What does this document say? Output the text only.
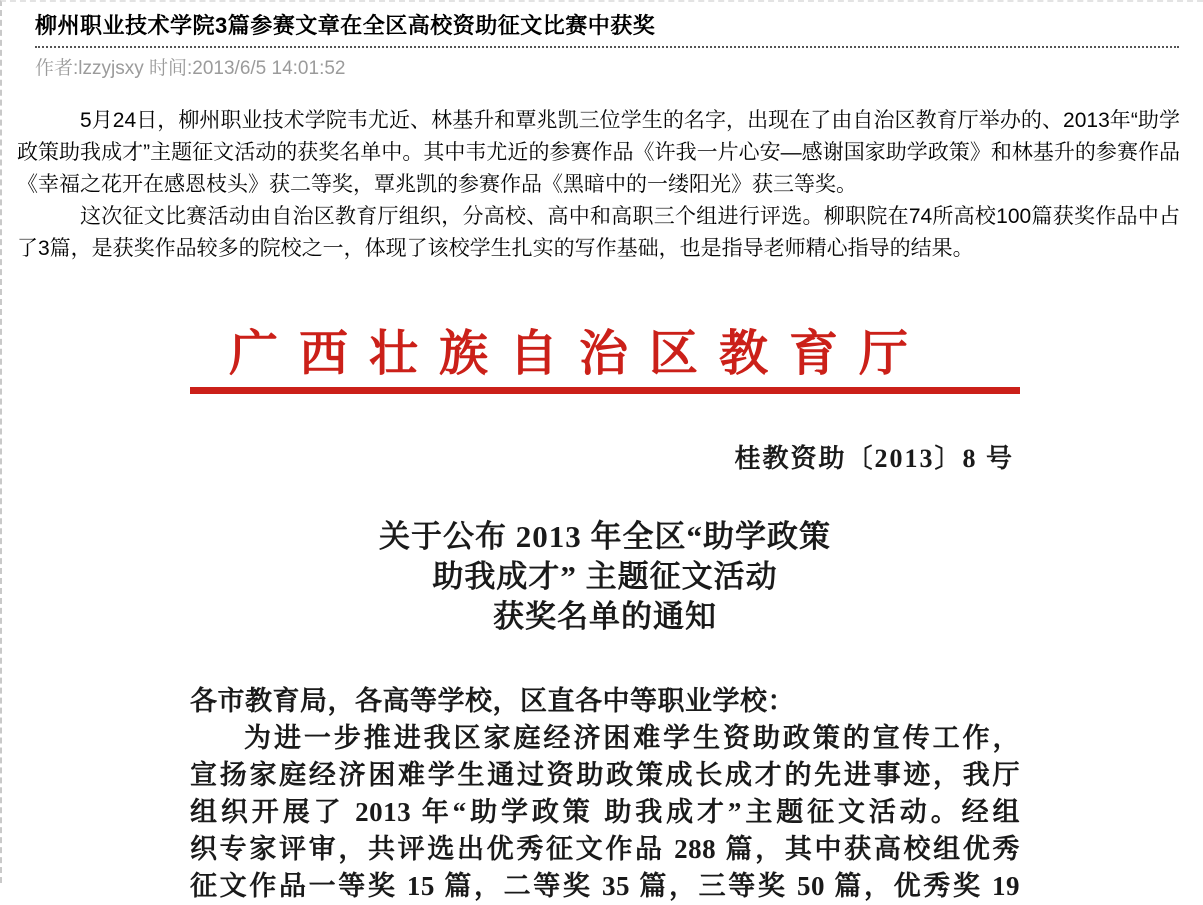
柳州职业技术学院3篇参赛文章在全区高校资助征文比赛中获奖
作者:lzzyjsxy 时间:2013/6/5 14:01:52

5月24日，柳州职业技术学院韦尤近、林基升和覃兆凯三位学生的名字，出现在了由自治区教育厅举办的、2013年“助学政策助我成才”主题征文活动的获奖名单中。其中韦尤近的参赛作品《许我一片心安—感谢国家助学政策》和林基升的参赛作品《幸福之花开在感恩枝头》获二等奖，覃兆凯的参赛作品《黑暗中的一缕阳光》获三等奖。

这次征文比赛活动由自治区教育厅组织，分高校、高中和高职三个组进行评选。柳职院在74所高校100篇获奖作品中占了3篇，是获奖作品较多的院校之一，体现了该校学生扎实的写作基础，也是指导老师精心指导的结果。

广西壮族自治区教育厅
桂教资助〔2013〕8 号
关于公布 2013 年全区“助学政策
助我成才” 主题征文活动
获奖名单的通知
各市教育局，各高等学校，区直各中等职业学校：
为进一步推进我区家庭经济困难学生资助政策的宣传工作，
宣扬家庭经济困难学生通过资助政策成长成才的先进事迹，我厅
组织开展了 2013 年“助学政策 助我成才”主题征文活动。经组
织专家评审，共评选出优秀征文作品 288 篇，其中获高校组优秀
征文作品一等奖 15 篇，二等奖 35 篇，三等奖 50 篇，优秀奖 19
